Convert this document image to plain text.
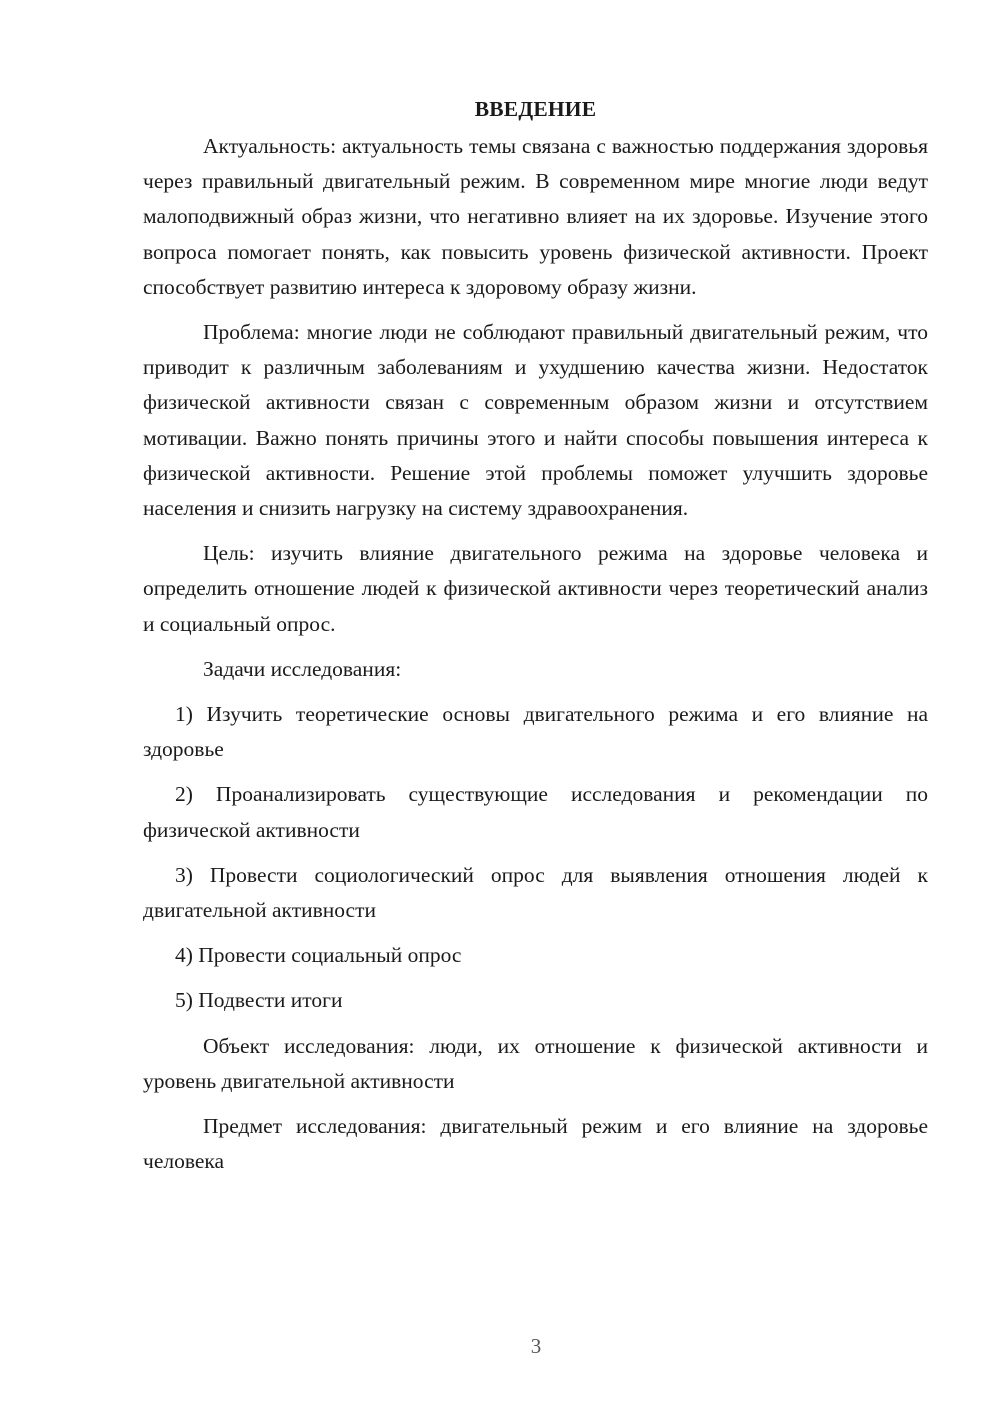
ВВЕДЕНИЕ

Актуальность: актуальность темы связана с важностью поддержания здоровья через правильный двигательный режим. В современном мире многие люди ведут малоподвижный образ жизни, что негативно влияет на их здоровье. Изучение этого вопроса помогает понять, как повысить уровень физической активности. Проект способствует развитию интереса к здоровому образу жизни.

Проблема: многие люди не соблюдают правильный двигательный режим, что приводит к различным заболеваниям и ухудшению качества жизни. Недостаток физической активности связан с современным образом жизни и отсутствием мотивации. Важно понять причины этого и найти способы повышения интереса к физической активности. Решение этой проблемы поможет улучшить здоровье населения и снизить нагрузку на систему здравоохранения.

Цель: изучить влияние двигательного режима на здоровье человека и определить отношение людей к физической активности через теоретический анализ и социальный опрос.

Задачи исследования:

1) Изучить теоретические основы двигательного режима и его влияние на здоровье

2) Проанализировать существующие исследования и рекомендации по физической активности

3) Провести социологический опрос для выявления отношения людей к двигательной активности

4) Провести социальный опрос

5) Подвести итоги

Объект исследования: люди, их отношение к физической активности и уровень двигательной активности

Предмет исследования: двигательный режим и его влияние на здоровье человека

3
